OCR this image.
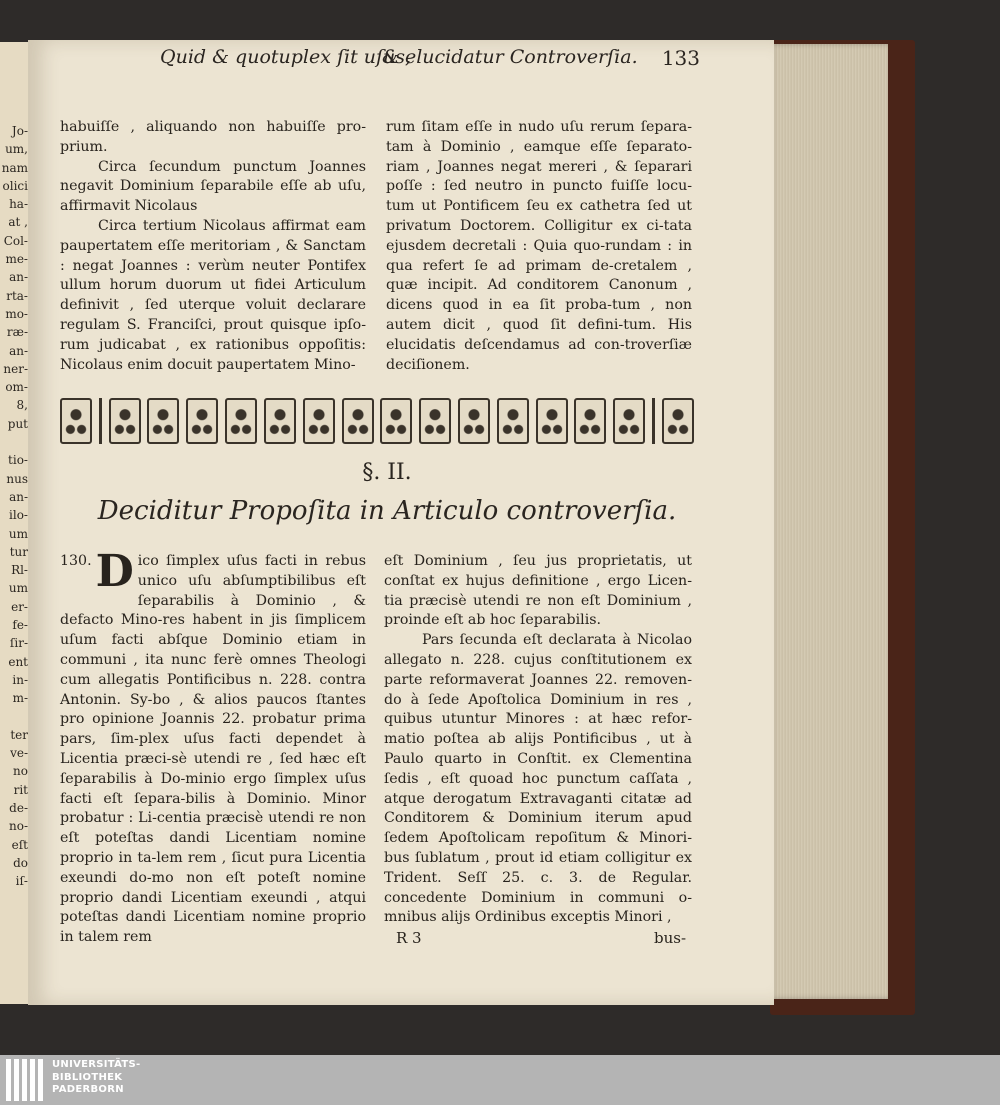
Jo-
um,
nam
olici
ha-
at ,
Col-
me-
an-
rta-
mo-
ræ-
an-
ner-
om-
8,
put
tio-
nus
an-
ilo-
um
tur
Rl-
um
er-
fe-
ſir-
ent
in-
m-
ter
ve-
no
rit
de-
no-
eſt
do
iſ-
Quid & quotuplex ſit uſus,
& elucidatur Controverſia. 133

habuiſſe , aliquando non habuiſſe pro-prium.

Circa ſecundum punctum Joannes negavit Dominium ſeparabile eſſe ab uſu, affirmavit Nicolaus

Circa tertium Nicolaus affirmat eam paupertatem eſſe meritoriam , & Sanctam : negat Joannes : verùm neuter Pontifex ullum horum duorum ut fidei Articulum definivit , ſed uterque voluit declarare regulam S. Franciſci, prout quisque ipſo-rum judicabat , ex rationibus oppoſitis: Nicolaus enim docuit paupertatem Mino-

rum ſitam eſſe in nudo uſu rerum ſepara-tam à Dominio , eamque eſſe ſeparato-riam , Joannes negat mereri , & ſeparari poſſe : ſed neutro in puncto fuiſſe locu-tum ut Pontificem ſeu ex cathetra ſed ut privatum Doctorem. Colligitur ex ci-tata ejusdem decretali : Quia quo-rundam : in qua refert ſe ad primam de-cretalem , quæ incipit. Ad conditorem Canonum , dicens quod in ea ſit proba-tum , non autem dicit , quod ſit defini-tum. His elucidatis deſcendamus ad con-troverſiæ deciſionem.

§. II.
Deciditur Propoſita in Articulo controverſia.
130. D ico ſimplex uſus facti in rebus unico uſu abſumptibilibus eſt ſeparabilis à Dominio , & defacto Mino-res habent in jis ſimplicem uſum facti abſque Dominio etiam in communi , ita nunc ferè omnes Theologi cum allegatis Pontificibus n. 228. contra Antonin. Sy-bo , & alios paucos ſtantes pro opinione Joannis 22. probatur prima pars, ſim-plex uſus facti dependet à Licentia præci-sè utendi re , ſed hæc eſt ſeparabilis à Do-minio ergo ſimplex uſus facti eſt ſepara-bilis à Dominio. Minor probatur : Li-centia præcisè utendi re non eſt poteſtas dandi Licentiam nomine proprio in ta-lem rem , ſicut pura Licentia exeundi do-mo non eſt poteſt nomine proprio dandi Licentiam exeundi , atqui poteſtas dandi Licentiam nomine proprio in talem rem

eſt Dominium , ſeu jus proprietatis, ut conſtat ex hujus definitione , ergo Licen-tia præcisè utendi re non eſt Dominium , proinde eſt ab hoc ſeparabilis.

Pars ſecunda eſt declarata à Nicolao allegato n. 228. cujus conſtitutionem ex parte reformaverat Joannes 22. removen-do à ſede Apoſtolica Dominium in res , quibus utuntur Minores : at hæc refor-matio poſtea ab alijs Pontificibus , ut à Paulo quarto in Conſtit. ex Clementina ſedis , eſt quoad hoc punctum caſſata , atque derogatum Extravaganti citatæ ad Conditorem & Dominium iterum apud ſedem Apoſtolicam repoſitum & Minori-bus ſublatum , prout id etiam colligitur ex Trident. Seſſ 25. c. 3. de Regular. concedente Dominium in communi o-mnibus alijs Ordinibus exceptis Minori ,

R 3	bus-
UNIVERSITÄTS-
BIBLIOTHEK
PADERBORN
